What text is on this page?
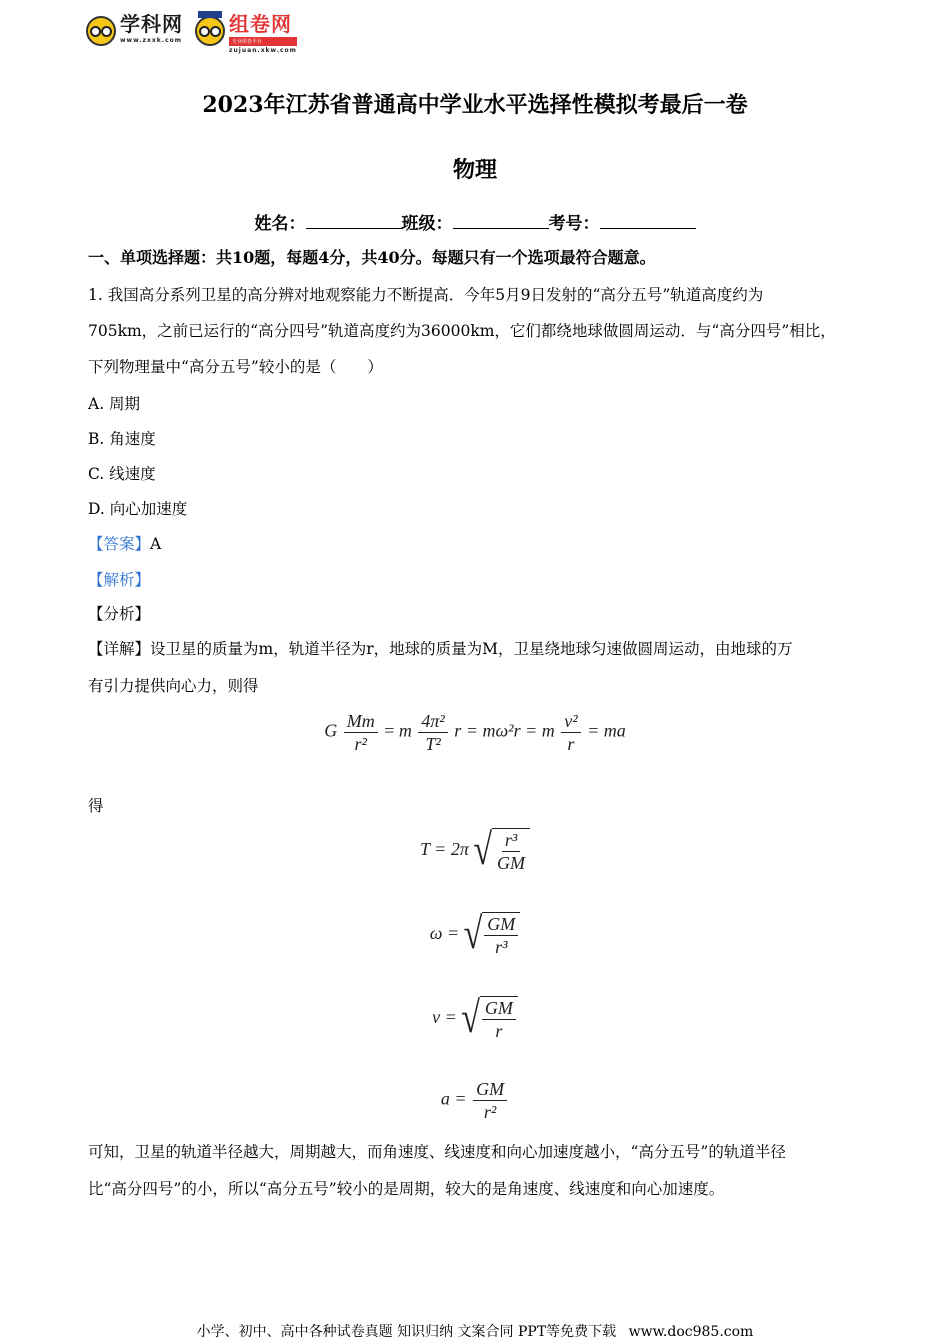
学科网
www.zxxk.com
组卷网
专业组卷平台
zujuan.xkw.com
2023年江苏省普通高中学业水平选择性模拟考最后一卷
物理
姓名：	班级：	考号：
一、单项选择题：共10题，每题4分，共40分。每题只有一个选项最符合题意。

1. 我国高分系列卫星的高分辨对地观察能力不断提高．今年5月9日发射的“高分五号”轨道高度约为

705km，之前已运行的“高分四号”轨道高度约为36000km，它们都绕地球做圆周运动．与“高分四号”相比，

下列物理量中“高分五号”较小的是（　　）

A. 周期

B. 角速度

C. 线速度

D. 向心加速度

【答案】A

【解析】

【分析】

【详解】设卫星的质量为m，轨道半径为r，地球的质量为M，卫星绕地球匀速做圆周运动，由地球的万

有引力提供向心力，则得

G $\frac{Mm}{\text{r²}} = m \frac{\text{4π²}}{\text{T²}}$ r = mω²r = m $\frac{\text{v²}}{r}$ = ma

得

T = 2π √ $\frac{\text{r³}}{GM}$
ω = √ $\frac{GM}{\text{r³}}$
v = √ $\frac{GM}{r}$
$a = \frac{GM}{\text{r²}}$

可知，卫星的轨道半径越大，周期越大，而角速度、线速度和向心加速度越小，“高分五号”的轨道半径

比“高分四号”的小，所以“高分五号”较小的是周期，较大的是角速度、线速度和向心加速度。

小学、初中、高中各种试卷真题 知识归纳 文案合同 PPT等免费下载 www.doc985.com
